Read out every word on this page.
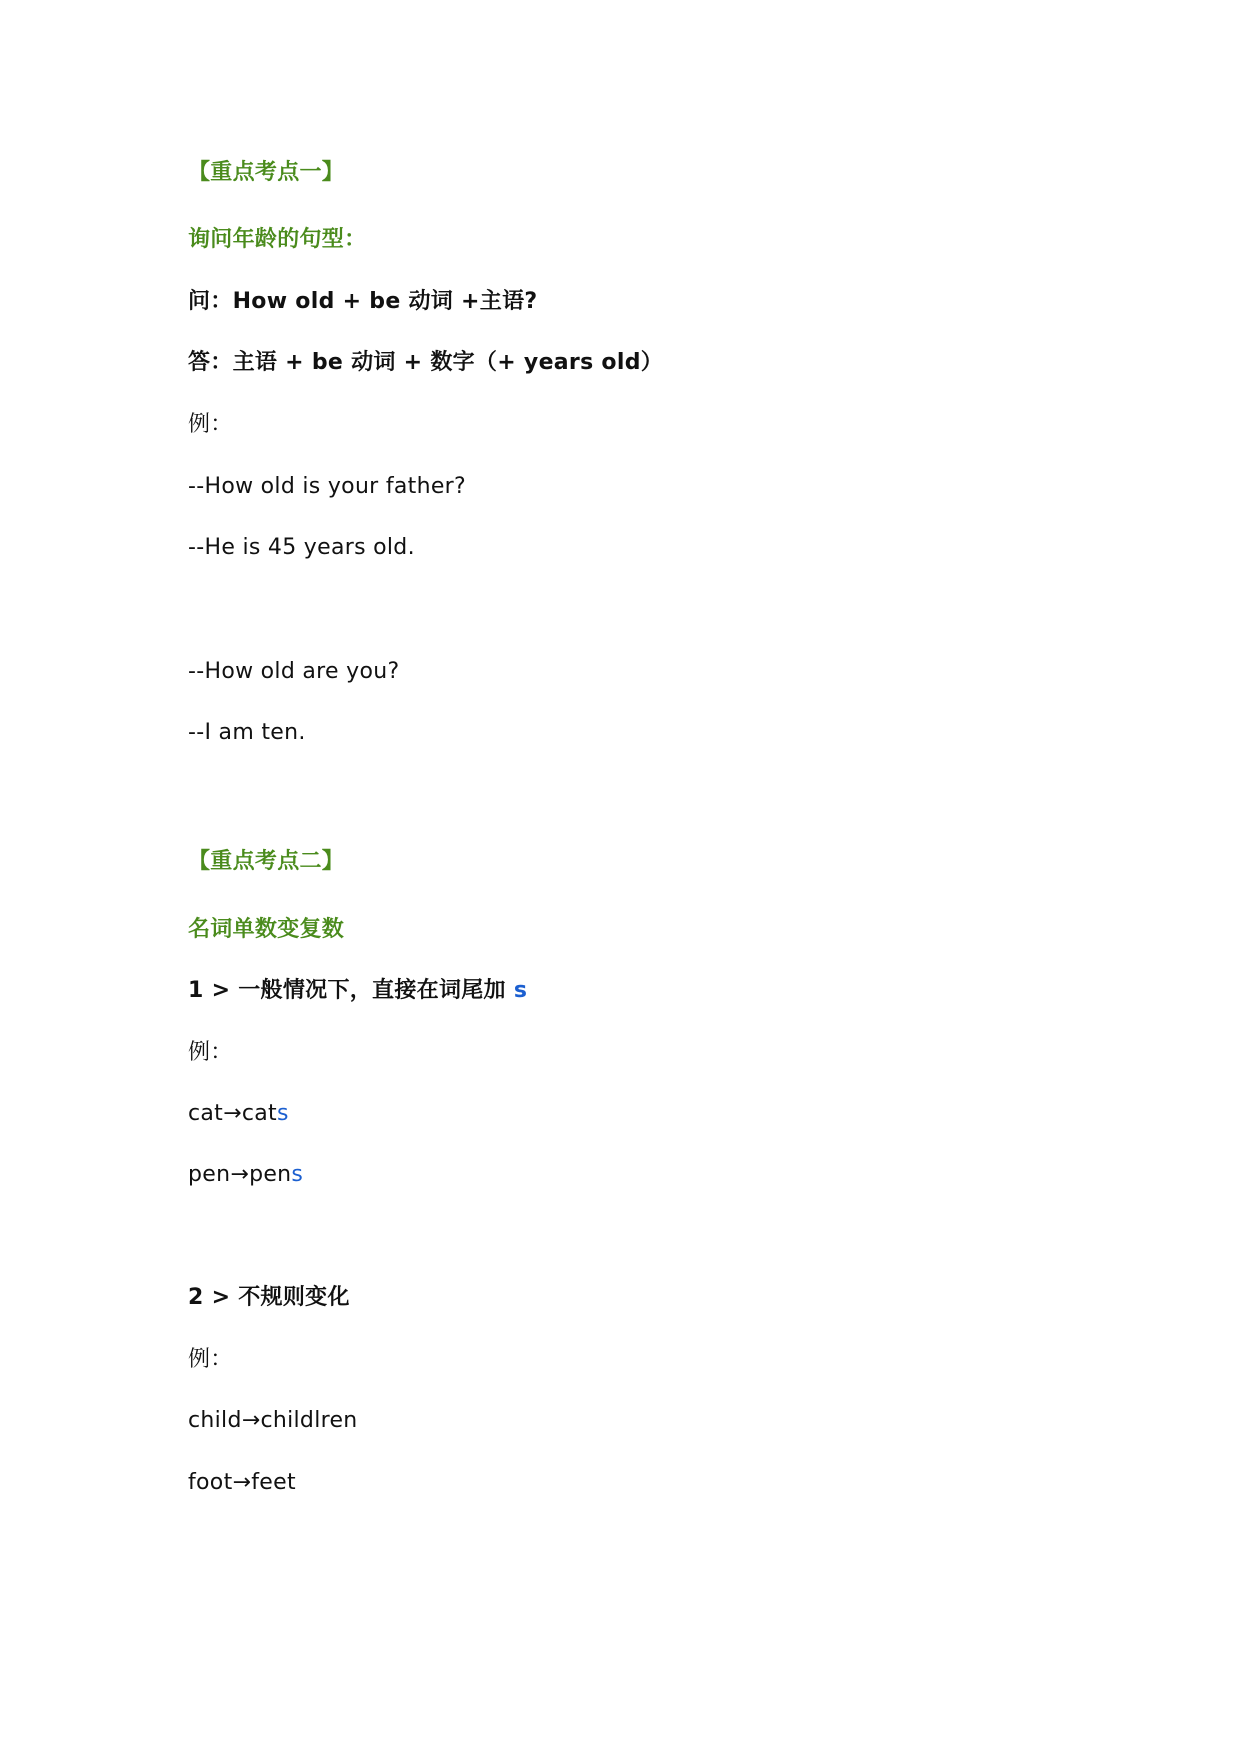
【重点考点一】
询问年龄的句型：
问：How old + be 动词 +主语?
答：主语 + be 动词 + 数字（+ years old）
例：
--How old is your father?
--He is 45 years old.
--How old are you?
--I am ten.
【重点考点二】
名词单数变复数
1 > 一般情况下，直接在词尾加 s
例：
cat→cats
pen→pens
2 > 不规则变化
例：
child→childlren
foot→feet
